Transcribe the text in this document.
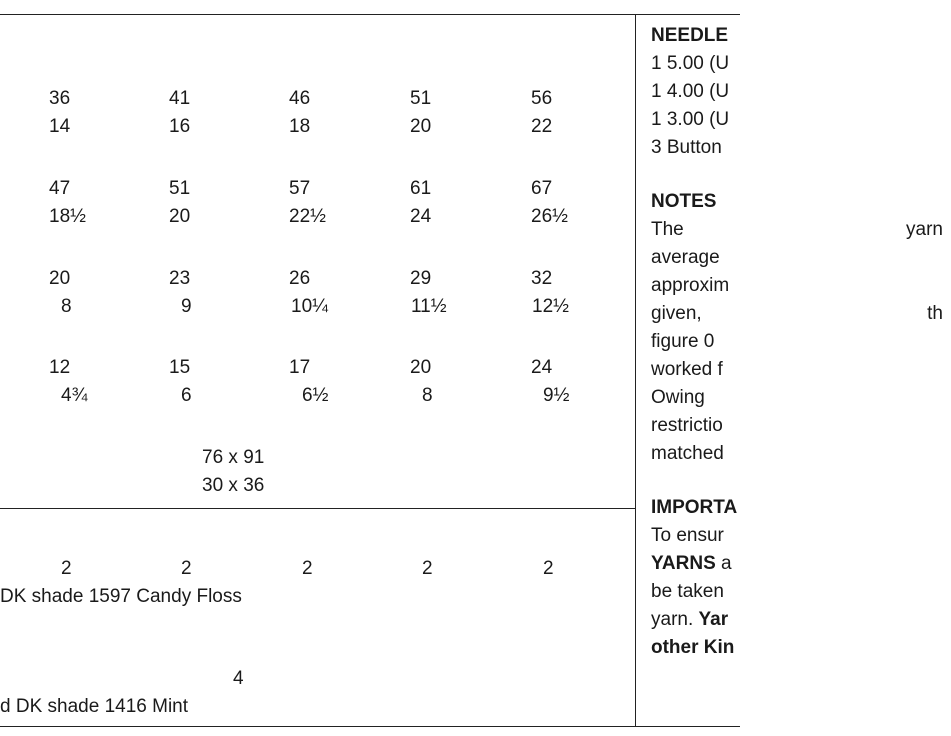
36	41	46	51	56
14	16	18	20	22
47	51	57	61	67
18½	20	22½	24	26½
20	23	26	29	32
8	9	10¼	11½	12½
12	15	17	20	24
4¾	6	6½	8	9½
76 x 91
30 x 36
2	2	2	2	2
DK shade 1597 Candy Floss
4
d DK shade 1416 Mint
NEEDLE
1 5.00 (U
1 4.00 (U
1 3.00 (U
3 Button
NOTES
The	yarn
average
approxim
given,	th
figure 0
worked f
Owing
restrictio
matched
IMPORTA
To ensur
YARNS a
be taken
yarn. Yar
other Kin
